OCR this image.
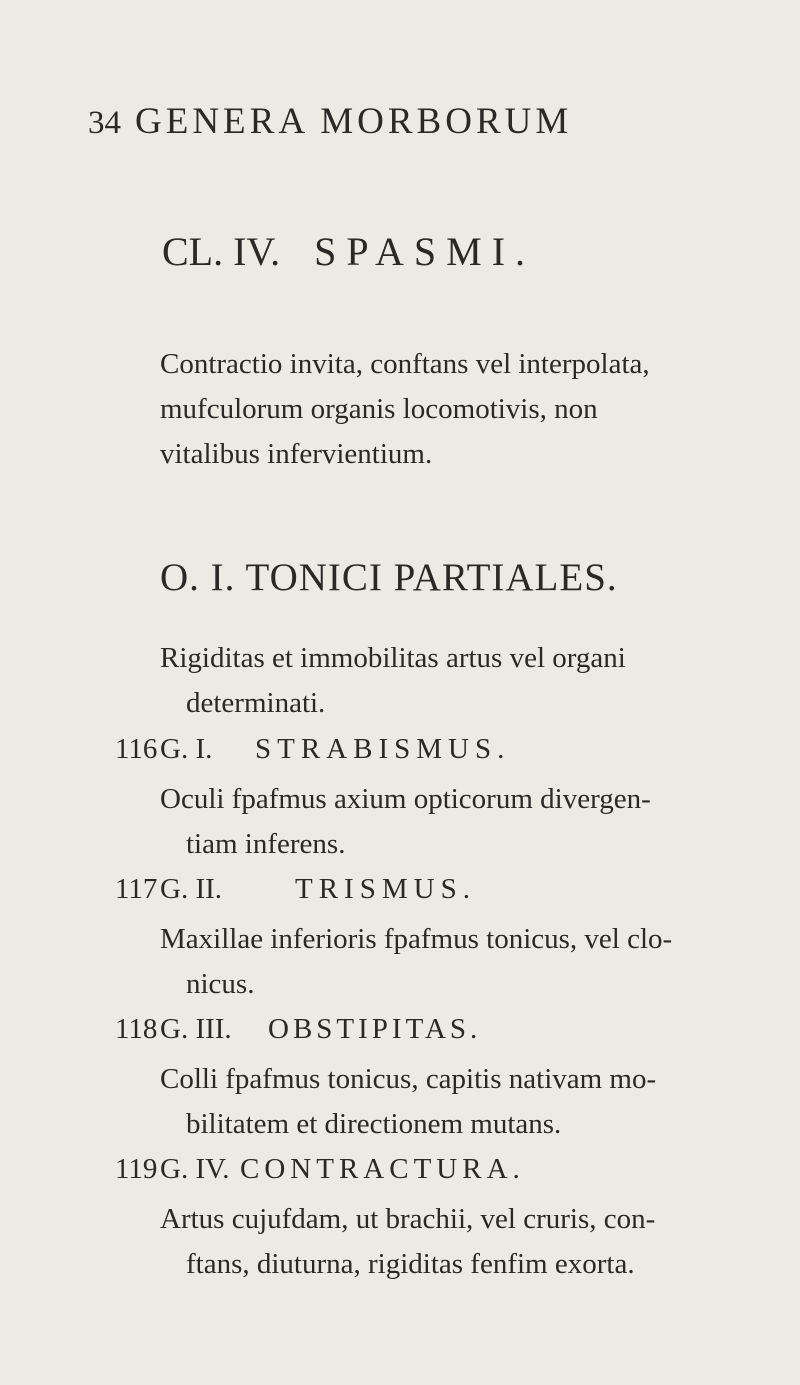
34 GENERA MORBORUM
CL. IV. SPASMI.
Contractio invita, conftans vel interpolata,
mufculorum organis locomotivis, non
vitalibus infervientium.
O. I. TONICI PARTIALES.
Rigiditas et immobilitas artus vel organi
determinati.
116 G. I. STRABISMUS.
Oculi fpafmus axium opticorum divergen-
tiam inferens.
117 G. II.	TRISMUS.
Maxillae inferioris fpafmus tonicus, vel clo-
nicus.
118 G. III. OBSTIPITAS.
Colli fpafmus tonicus, capitis nativam mo-
bilitatem et directionem mutans.
119 G. IV. CONTRACTURA.
Artus cujufdam, ut brachii, vel cruris, con-
ftans, diuturna, rigiditas fenfim exorta.
